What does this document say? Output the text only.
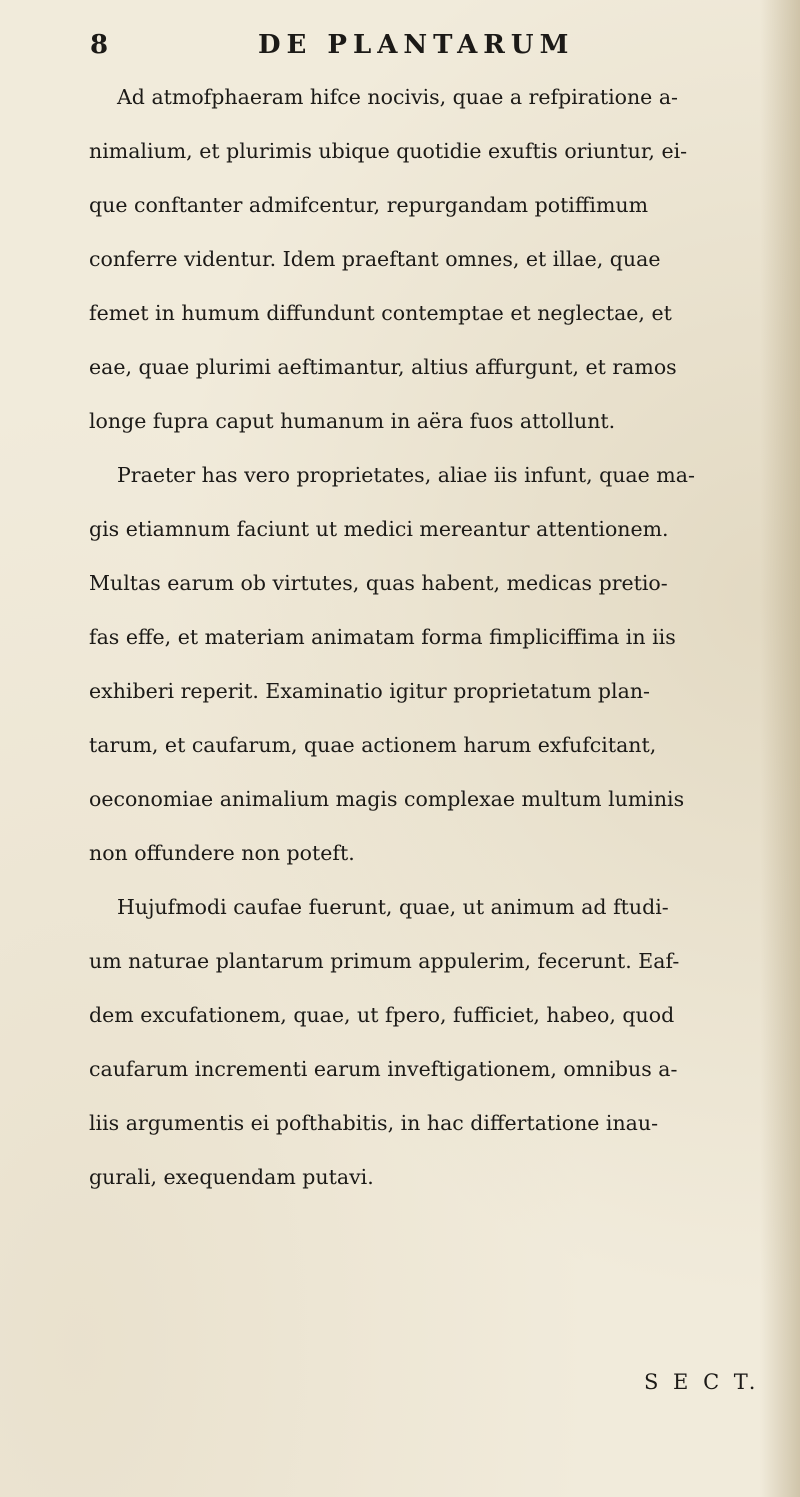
8	DE PLANTARUM
Ad atmofphaeram hifce nocivis, quae a refpiratione a-
nimalium, et plurimis ubique quotidie exuftis oriuntur, ei-
que conftanter admifcentur, repurgandam potiffimum
conferre videntur. Idem praeftant omnes, et illae, quae
femet in humum diffundunt contemptae et neglectae, et
eae, quae plurimi aeftimantur, altius affurgunt, et ramos
longe fupra caput humanum in aëra fuos attollunt.
Praeter has vero proprietates, aliae iis infunt, quae ma-
gis etiamnum faciunt ut medici mereantur attentionem.
Multas earum ob virtutes, quas habent, medicas pretio-
fas effe, et materiam animatam forma fimpliciffima in iis
exhiberi reperit. Examinatio igitur proprietatum plan-
tarum, et caufarum, quae actionem harum exfufcitant,
oeconomiae animalium magis complexae multum luminis
non offundere non poteft.
Hujufmodi caufae fuerunt, quae, ut animum ad ftudi-
um naturae plantarum primum appulerim, fecerunt. Eaf-
dem excufationem, quae, ut fpero, fufficiet, habeo, quod
caufarum incrementi earum inveftigationem, omnibus a-
liis argumentis ei pofthabitis, in hac differtatione inau-
gurali, exequendam putavi.
S E C T.
